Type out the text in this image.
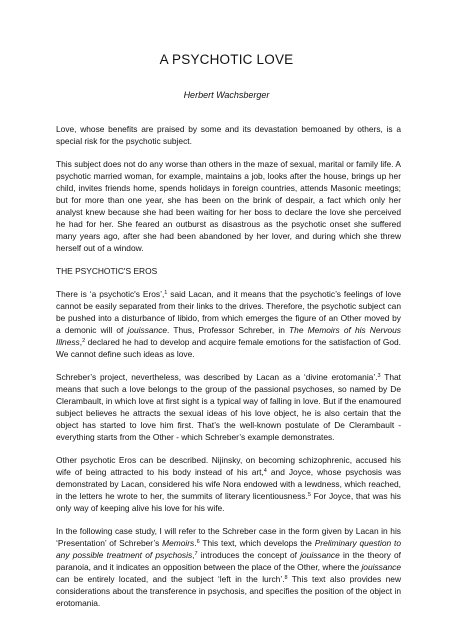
A PSYCHOTIC LOVE
Herbert Wachsberger

Love, whose benefits are praised by some and its devastation bemoaned by others, is a special risk for the psychotic subject.

This subject does not do any worse than others in the maze of sexual, marital or family life. A psychotic married woman, for example, maintains a job, looks after the house, brings up her child, invites friends home, spends holidays in foreign countries, attends Masonic meetings; but for more than one year, she has been on the brink of despair, a fact which only her analyst knew because she had been waiting for her boss to declare the love she perceived he had for her. She feared an outburst as disastrous as the psychotic onset she suffered many years ago, after she had been abandoned by her lover, and during which she threw herself out of a window.

THE PSYCHOTIC'S EROS

There is ‘a psychotic's Eros’,$^1$ said Lacan, and it means that the psychotic’s feelings of love cannot be easily separated from their links to the drives. Therefore, the psychotic subject can be pushed into a disturbance of libido, from which emerges the figure of an Other moved by a demonic will of jouissance. Thus, Professor Schreber, in The Memoirs of his Nervous Illness,$^2$ declared he had to develop and acquire female emotions for the satisfaction of God. We cannot define such ideas as love.

Schreber’s project, nevertheless, was described by Lacan as a ‘divine erotomania’.$^3$ That means that such a love belongs to the group of the passional psychoses, so named by De Clerambault, in which love at first sight is a typical way of falling in love. But if the enamoured subject believes he attracts the sexual ideas of his love object, he is also certain that the object has started to love him first. That’s the well-known postulate of De Clerambault - everything starts from the Other - which Schreber’s example demonstrates.

Other psychotic Eros can be described. Nijinsky, on becoming schizophrenic, accused his wife of being attracted to his body instead of his art,$^4$ and Joyce, whose psychosis was demonstrated by Lacan, considered his wife Nora endowed with a lewdness, which reached, in the letters he wrote to her, the summits of literary licentiousness.$^5$ For Joyce, that was his only way of keeping alive his love for his wife.

In the following case study, I will refer to the Schreber case in the form given by Lacan in his ‘Presentation’ of Schreber’s Memoirs.$^6$ This text, which develops the Preliminary question to any possible treatment of psychosis,$^7$ introduces the concept of jouissance in the theory of paranoia, and it indicates an opposition between the place of the Other, where the jouissance can be entirely located, and the subject ‘left in the lurch’.$^8$ This text also provides new considerations about the transference in psychosis, and specifies the position of the object in erotomania.
